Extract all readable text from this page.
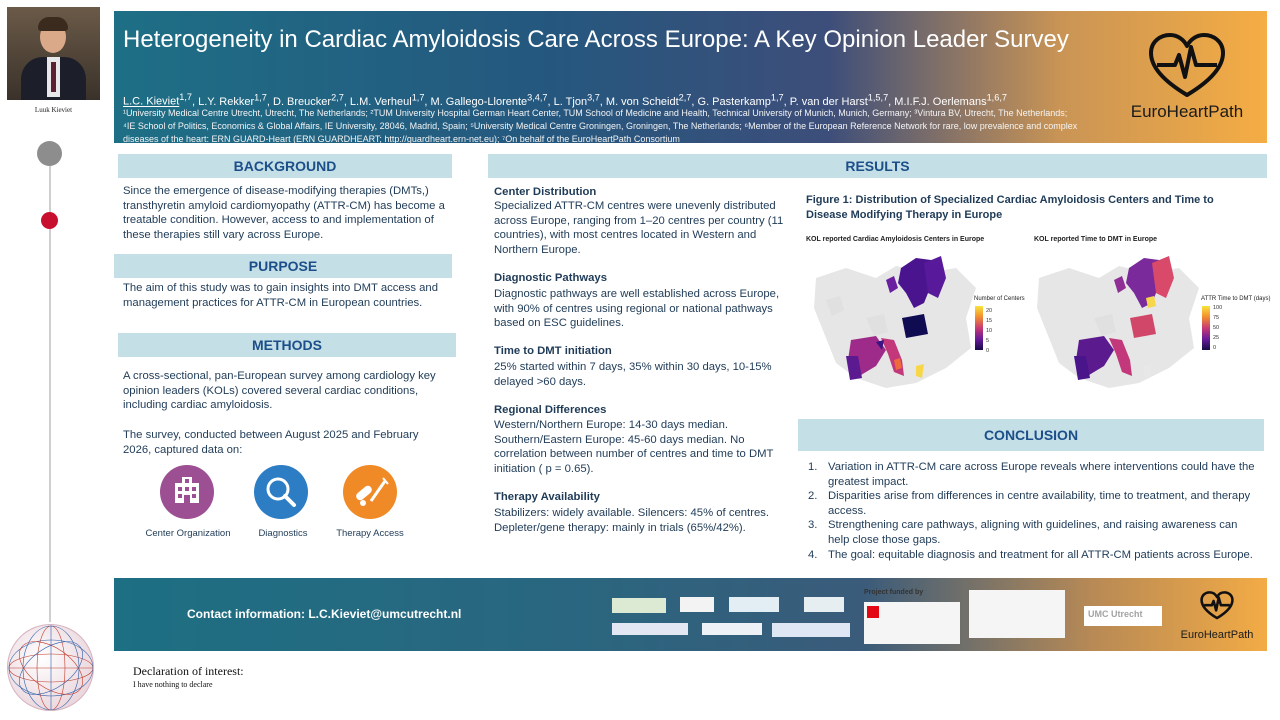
Luuk Kieviet
Heterogeneity in Cardiac Amyloidosis Care Across Europe: A Key Opinion Leader Survey
L.C. Kieviet$^{1,7}$, L.Y. Rekker$^{1,7}$, D. Breucker$^{2,7}$, L.M. Verheul$^{1,7}$, M. Gallego-Llorente$^{3,4,7}$, L. Tjon$^{3,7}$, M. von Scheidt$^{2,7}$, G. Pasterkamp$^{1,7}$, P. van der Harst$^{1,5,7}$, M.I.F.J. Oerlemans$^{1,6,7}$
¹University Medical Centre Utrecht, Utrecht, The Netherlands; ²TUM University Hospital German Heart Center, TUM School of Medicine and Health, Technical University of Munich, Munich, Germany; ³Vintura BV, Utrecht, The Netherlands; ⁴IE School of Politics, Economics & Global Affairs, IE University, 28046, Madrid, Spain; ⁵University Medical Centre Groningen, Groningen, The Netherlands; ⁶Member of the European Reference Network for rare, low prevalence and complex diseases of the heart: ERN GUARD-Heart (ERN GUARDHEART; http://guardheart.ern-net.eu); ⁷On behalf of the EuroHeartPath Consortium
EuroHeartPath
BACKGROUND
Since the emergence of disease-modifying therapies (DMTs,) transthyretin amyloid cardiomyopathy (ATTR-CM) has become a treatable condition. However, access to and implementation of these therapies still vary across Europe.
PURPOSE
The aim of this study was to gain insights into DMT access and management practices for ATTR-CM in European countries.
METHODS
A cross-sectional, pan-European survey among cardiology key opinion leaders (KOLs) covered several cardiac conditions, including cardiac amyloidosis.
The survey, conducted between August 2025 and February 2026, captured data on:
Center Organization	Diagnostics	Therapy Access
RESULTS
Center Distribution
Specialized ATTR-CM centres were unevenly distributed across Europe, ranging from 1–20 centres per country (11 countries), with most centres located in Western and Northern Europe.
Diagnostic Pathways
Diagnostic pathways are well established across Europe, with 90% of centres using regional or national pathways based on ESC guidelines.
Time to DMT initiation
25% started within 7 days, 35% within 30 days, 10-15% delayed >60 days.
Regional Differences
Western/Northern Europe: 14-30 days median. Southern/Eastern Europe: 45-60 days median. No correlation between number of centres and time to DMT initiation ( p = 0.65).
Therapy Availability
Stabilizers: widely available. Silencers: 45% of centres. Depleter/gene therapy: mainly in trials (65%/42%).
Figure 1: Distribution of Specialized Cardiac Amyloidosis Centers and Time to Disease Modifying Therapy in Europe
KOL reported Cardiac Amyloidosis Centers in Europe
Number of Centers
20
15
10
5
0
KOL reported Time to DMT in Europe
ATTR Time to DMT (days)
100
75
50
25
0
CONCLUSION
1. Variation in ATTR-CM care across Europe reveals where interventions could have the greatest impact.
2. Disparities arise from differences in centre availability, time to treatment, and therapy access.
3. Strengthening care pathways, aligning with guidelines, and raising awareness can help close those gaps.
4. The goal: equitable diagnosis and treatment for all ATTR-CM patients across Europe.
Contact information: L.C.Kieviet@umcutrecht.nl
Project funded by
UMC Utrecht
EuroHeartPath
Declaration of interest:
I have nothing to declare
